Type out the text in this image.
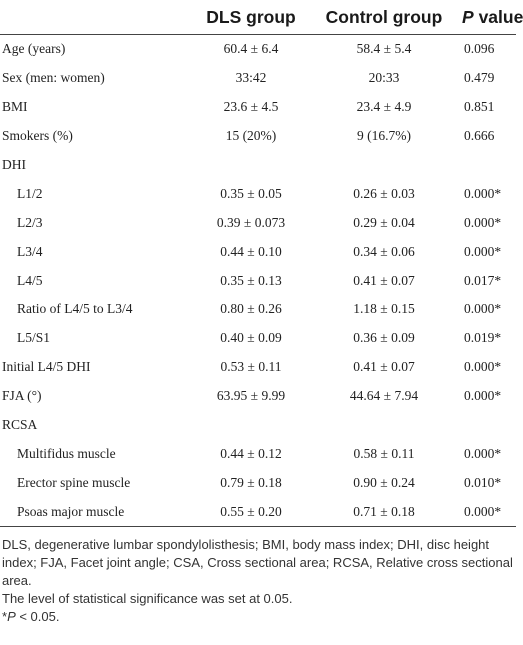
	DLS group	Control group	P value
Age (years)	60.4 ± 6.4	58.4 ± 5.4	0.096
Sex (men: women)	33:42	20:33	0.479
BMI	23.6 ± 4.5	23.4 ± 4.9	0.851
Smokers (%)	15 (20%)	9 (16.7%)	0.666
DHI			
L1/2	0.35 ± 0.05	0.26 ± 0.03	0.000*
L2/3	0.39 ± 0.073	0.29 ± 0.04	0.000*
L3/4	0.44 ± 0.10	0.34 ± 0.06	0.000*
L4/5	0.35 ± 0.13	0.41 ± 0.07	0.017*
Ratio of L4/5 to L3/4	0.80 ± 0.26	1.18 ± 0.15	0.000*
L5/S1	0.40 ± 0.09	0.36 ± 0.09	0.019*
Initial L4/5 DHI	0.53 ± 0.11	0.41 ± 0.07	0.000*
FJA (°)	63.95 ± 9.99	44.64 ± 7.94	0.000*
RCSA			
Multifidus muscle	0.44 ± 0.12	0.58 ± 0.11	0.000*
Erector spine muscle	0.79 ± 0.18	0.90 ± 0.24	0.010*
Psoas major muscle	0.55 ± 0.20	0.71 ± 0.18	0.000*

DLS, degenerative lumbar spondylolisthesis; BMI, body mass index; DHI, disc height index; FJA, Facet joint angle; CSA, Cross sectional area; RCSA, Relative cross sectional area.

The level of statistical significance was set at 0.05.

*P < 0.05.
